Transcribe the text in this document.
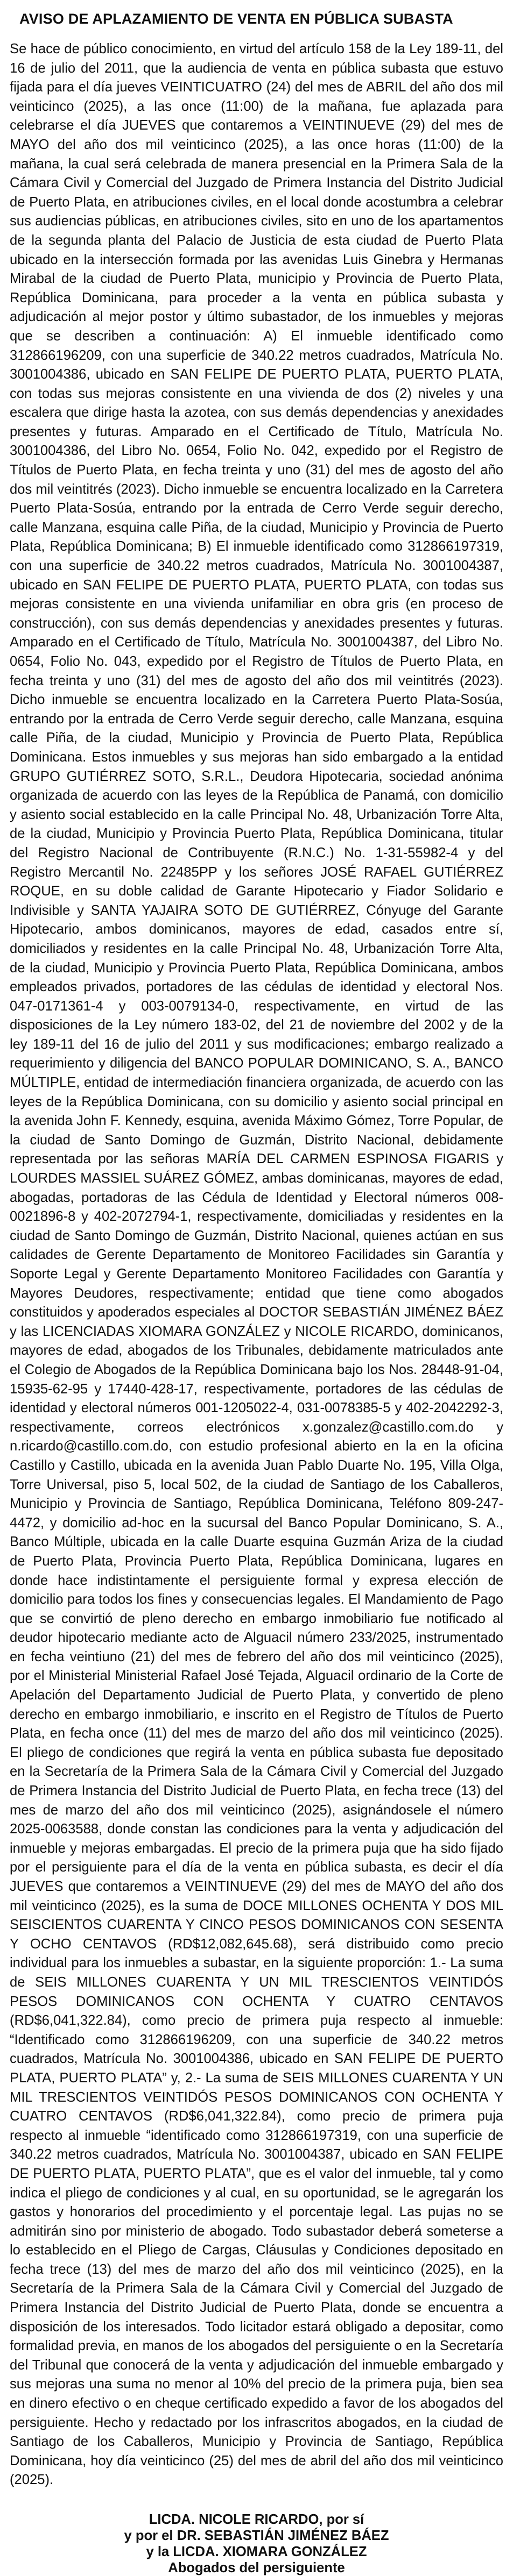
AVISO DE APLAZAMIENTO DE VENTA EN PÚBLICA SUBASTA

Se hace de público conocimiento, en virtud del artículo 158 de la Ley 189-11, del 16 de julio del 2011, que la audiencia de venta en pública subasta que estuvo fijada para el día jueves VEINTICUATRO (24) del mes de ABRIL del año dos mil veinticinco (2025), a las once (11:00) de la mañana, fue aplazada para celebrarse el día JUEVES que contaremos a VEINTINUEVE (29) del mes de MAYO del año dos mil veinticinco (2025), a las once horas (11:00) de la mañana, la cual será celebrada de manera presencial en la Primera Sala de la Cámara Civil y Comercial del Juzgado de Primera Instancia del Distrito Judicial de Puerto Plata, en atribuciones civiles, en el local donde acostumbra a celebrar sus audiencias públicas, en atribuciones civiles, sito en uno de los apartamentos de la segunda planta del Palacio de Justicia de esta ciudad de Puerto Plata ubicado en la intersección formada por las avenidas Luis Ginebra y Hermanas Mirabal de la ciudad de Puerto Plata, municipio y Provincia de Puerto Plata, República Dominicana, para proceder a la venta en pública subasta y adjudicación al mejor postor y último subastador, de los inmuebles y mejoras que se describen a continuación: A) El inmueble identificado como 312866196209, con una superficie de 340.22 metros cuadrados, Matrícula No. 3001004386, ubicado en SAN FELIPE DE PUERTO PLATA, PUERTO PLATA, con todas sus mejoras consistente en una vivienda de dos (2) niveles y una escalera que dirige hasta la azotea, con sus demás dependencias y anexidades presentes y futuras. Amparado en el Certificado de Título, Matrícula No. 3001004386, del Libro No. 0654, Folio No. 042, expedido por el Registro de Títulos de Puerto Plata, en fecha treinta y uno (31) del mes de agosto del año dos mil veintitrés (2023). Dicho inmueble se encuentra localizado en la Carretera Puerto Plata-Sosúa, entrando por la entrada de Cerro Verde seguir derecho, calle Manzana, esquina calle Piña, de la ciudad, Municipio y Provincia de Puerto Plata, República Dominicana; B) El inmueble identificado como 312866197319, con una superficie de 340.22 metros cuadrados, Matrícula No. 3001004387, ubicado en SAN FELIPE DE PUERTO PLATA, PUERTO PLATA, con todas sus mejoras consistente en una vivienda unifamiliar en obra gris (en proceso de construcción), con sus demás dependencias y anexidades presentes y futuras. Amparado en el Certificado de Título, Matrícula No. 3001004387, del Libro No. 0654, Folio No. 043, expedido por el Registro de Títulos de Puerto Plata, en fecha treinta y uno (31) del mes de agosto del año dos mil veintitrés (2023). Dicho inmueble se encuentra localizado en la Carretera Puerto Plata-Sosúa, entrando por la entrada de Cerro Verde seguir derecho, calle Manzana, esquina calle Piña, de la ciudad, Municipio y Provincia de Puerto Plata, República Dominicana. Estos inmuebles y sus mejoras han sido embargado a la entidad GRUPO GUTIÉRREZ SOTO, S.R.L., Deudora Hipotecaria, sociedad anónima organizada de acuerdo con las leyes de la República de Panamá, con domicilio y asiento social establecido en la calle Principal No. 48, Urbanización Torre Alta, de la ciudad, Municipio y Provincia Puerto Plata, República Dominicana, titular del Registro Nacional de Contribuyente (R.N.C.) No. 1-31-55982-4 y del Registro Mercantil No. 22485PP y los señores JOSÉ RAFAEL GUTIÉRREZ ROQUE, en su doble calidad de Garante Hipotecario y Fiador Solidario e Indivisible y SANTA YAJAIRA SOTO DE GUTIÉRREZ, Cónyuge del Garante Hipotecario, ambos dominicanos, mayores de edad, casados entre sí, domiciliados y residentes en la calle Principal No. 48, Urbanización Torre Alta, de la ciudad, Municipio y Provincia Puerto Plata, República Dominicana, ambos empleados privados, portadores de las cédulas de identidad y electoral Nos. 047-0171361-4 y 003-0079134-0, respectivamente, en virtud de las disposiciones de la Ley número 183-02, del 21 de noviembre del 2002 y de la ley 189-11 del 16 de julio del 2011 y sus modificaciones; embargo realizado a requerimiento y diligencia del BANCO POPULAR DOMINICANO, S. A., BANCO MÚLTIPLE, entidad de intermediación financiera organizada, de acuerdo con las leyes de la República Dominicana, con su domicilio y asiento social principal en la avenida John F. Kennedy, esquina, avenida Máximo Gómez, Torre Popular, de la ciudad de Santo Domingo de Guzmán, Distrito Nacional, debidamente representada por las señoras MARÍA DEL CARMEN ESPINOSA FIGARIS y LOURDES MASSIEL SUÁREZ GÓMEZ, ambas dominicanas, mayores de edad, abogadas, portadoras de las Cédula de Identidad y Electoral números 008-0021896-8 y 402-2072794-1, respectivamente, domiciliadas y residentes en la ciudad de Santo Domingo de Guzmán, Distrito Nacional, quienes actúan en sus calidades de Gerente Departamento de Monitoreo Facilidades sin Garantía y Soporte Legal y Gerente Departamento Monitoreo Facilidades con Garantía y Mayores Deudores, respectivamente; entidad que tiene como abogados constituidos y apoderados especiales al DOCTOR SEBASTIÁN JIMÉNEZ BÁEZ y las LICENCIADAS XIOMARA GONZÁLEZ y NICOLE RICARDO, dominicanos, mayores de edad, abogados de los Tribunales, debidamente matriculados ante el Colegio de Abogados de la República Dominicana bajo los Nos. 28448-91-04, 15935-62-95 y 17440-428-17, respectivamente, portadores de las cédulas de identidad y electoral números 001-1205022-4, 031-0078385-5 y 402-2042292-3, respectivamente, correos electrónicos x.gonzalez@castillo.com.do y n.ricardo@castillo.com.do, con estudio profesional abierto en la en la oficina Castillo y Castillo, ubicada en la avenida Juan Pablo Duarte No. 195, Villa Olga, Torre Universal, piso 5, local 502, de la ciudad de Santiago de los Caballeros, Municipio y Provincia de Santiago, República Dominicana, Teléfono 809-247-4472, y domicilio ad-hoc en la sucursal del Banco Popular Dominicano, S. A., Banco Múltiple, ubicada en la calle Duarte esquina Guzmán Ariza de la ciudad de Puerto Plata, Provincia Puerto Plata, República Dominicana, lugares en donde hace indistintamente el persiguiente formal y expresa elección de domicilio para todos los fines y consecuencias legales. El Mandamiento de Pago que se convirtió de pleno derecho en embargo inmobiliario fue notificado al deudor hipotecario mediante acto de Alguacil número 233/2025, instrumentado en fecha veintiuno (21) del mes de febrero del año dos mil veinticinco (2025), por el Ministerial Ministerial Rafael José Tejada, Alguacil ordinario de la Corte de Apelación del Departamento Judicial de Puerto Plata, y convertido de pleno derecho en embargo inmobiliario, e inscrito en el Registro de Títulos de Puerto Plata, en fecha once (11) del mes de marzo del año dos mil veinticinco (2025). El pliego de condiciones que regirá la venta en pública subasta fue depositado en la Secretaría de la Primera Sala de la Cámara Civil y Comercial del Juzgado de Primera Instancia del Distrito Judicial de Puerto Plata, en fecha trece (13) del mes de marzo del año dos mil veinticinco (2025), asignándosele el número 2025-0063588, donde constan las condiciones para la venta y adjudicación del inmueble y mejoras embargadas. El precio de la primera puja que ha sido fijado por el persiguiente para el día de la venta en pública subasta, es decir el día JUEVES que contaremos a VEINTINUEVE (29) del mes de MAYO del año dos mil veinticinco (2025), es la suma de DOCE MILLONES OCHENTA Y DOS MIL SEISCIENTOS CUARENTA Y CINCO PESOS DOMINICANOS CON SESENTA Y OCHO CENTAVOS (RD$12,082,645.68), será distribuido como precio individual para los inmuebles a subastar, en la siguiente proporción: 1.- La suma de SEIS MILLONES CUARENTA Y UN MIL TRESCIENTOS VEINTIDÓS PESOS DOMINICANOS CON OCHENTA Y CUATRO CENTAVOS (RD$6,041,322.84), como precio de primera puja respecto al inmueble: “Identificado como 312866196209, con una superficie de 340.22 metros cuadrados, Matrícula No. 3001004386, ubicado en SAN FELIPE DE PUERTO PLATA, PUERTO PLATA” y, 2.- La suma de SEIS MILLONES CUARENTA Y UN MIL TRESCIENTOS VEINTIDÓS PESOS DOMINICANOS CON OCHENTA Y CUATRO CENTAVOS (RD$6,041,322.84), como precio de primera puja respecto al inmueble “identificado como 312866197319, con una superficie de 340.22 metros cuadrados, Matrícula No. 3001004387, ubicado en SAN FELIPE DE PUERTO PLATA, PUERTO PLATA”, que es el valor del inmueble, tal y como indica el pliego de condiciones y al cual, en su oportunidad, se le agregarán los gastos y honorarios del procedimiento y el porcentaje legal. Las pujas no se admitirán sino por ministerio de abogado. Todo subastador deberá someterse a lo establecido en el Pliego de Cargas, Cláusulas y Condiciones depositado en fecha trece (13) del mes de marzo del año dos mil veinticinco (2025), en la Secretaría de la Primera Sala de la Cámara Civil y Comercial del Juzgado de Primera Instancia del Distrito Judicial de Puerto Plata, donde se encuentra a disposición de los interesados. Todo licitador estará obligado a depositar, como formalidad previa, en manos de los abogados del persiguiente o en la Secretaría del Tribunal que conocerá de la venta y adjudicación del inmueble embargado y sus mejoras una suma no menor al 10% del precio de la primera puja, bien sea en dinero efectivo o en cheque certificado expedido a favor de los abogados del persiguiente. Hecho y redactado por los infrascritos abogados, en la ciudad de Santiago de los Caballeros, Municipio y Provincia de Santiago, República Dominicana, hoy día veinticinco (25) del mes de abril del año dos mil veinticinco (2025).

LICDA. NICOLE RICARDO, por sí
y por el DR. SEBASTIÁN JIMÉNEZ BÁEZ
y la LICDA. XIOMARA GONZÁLEZ
Abogados del persiguiente
